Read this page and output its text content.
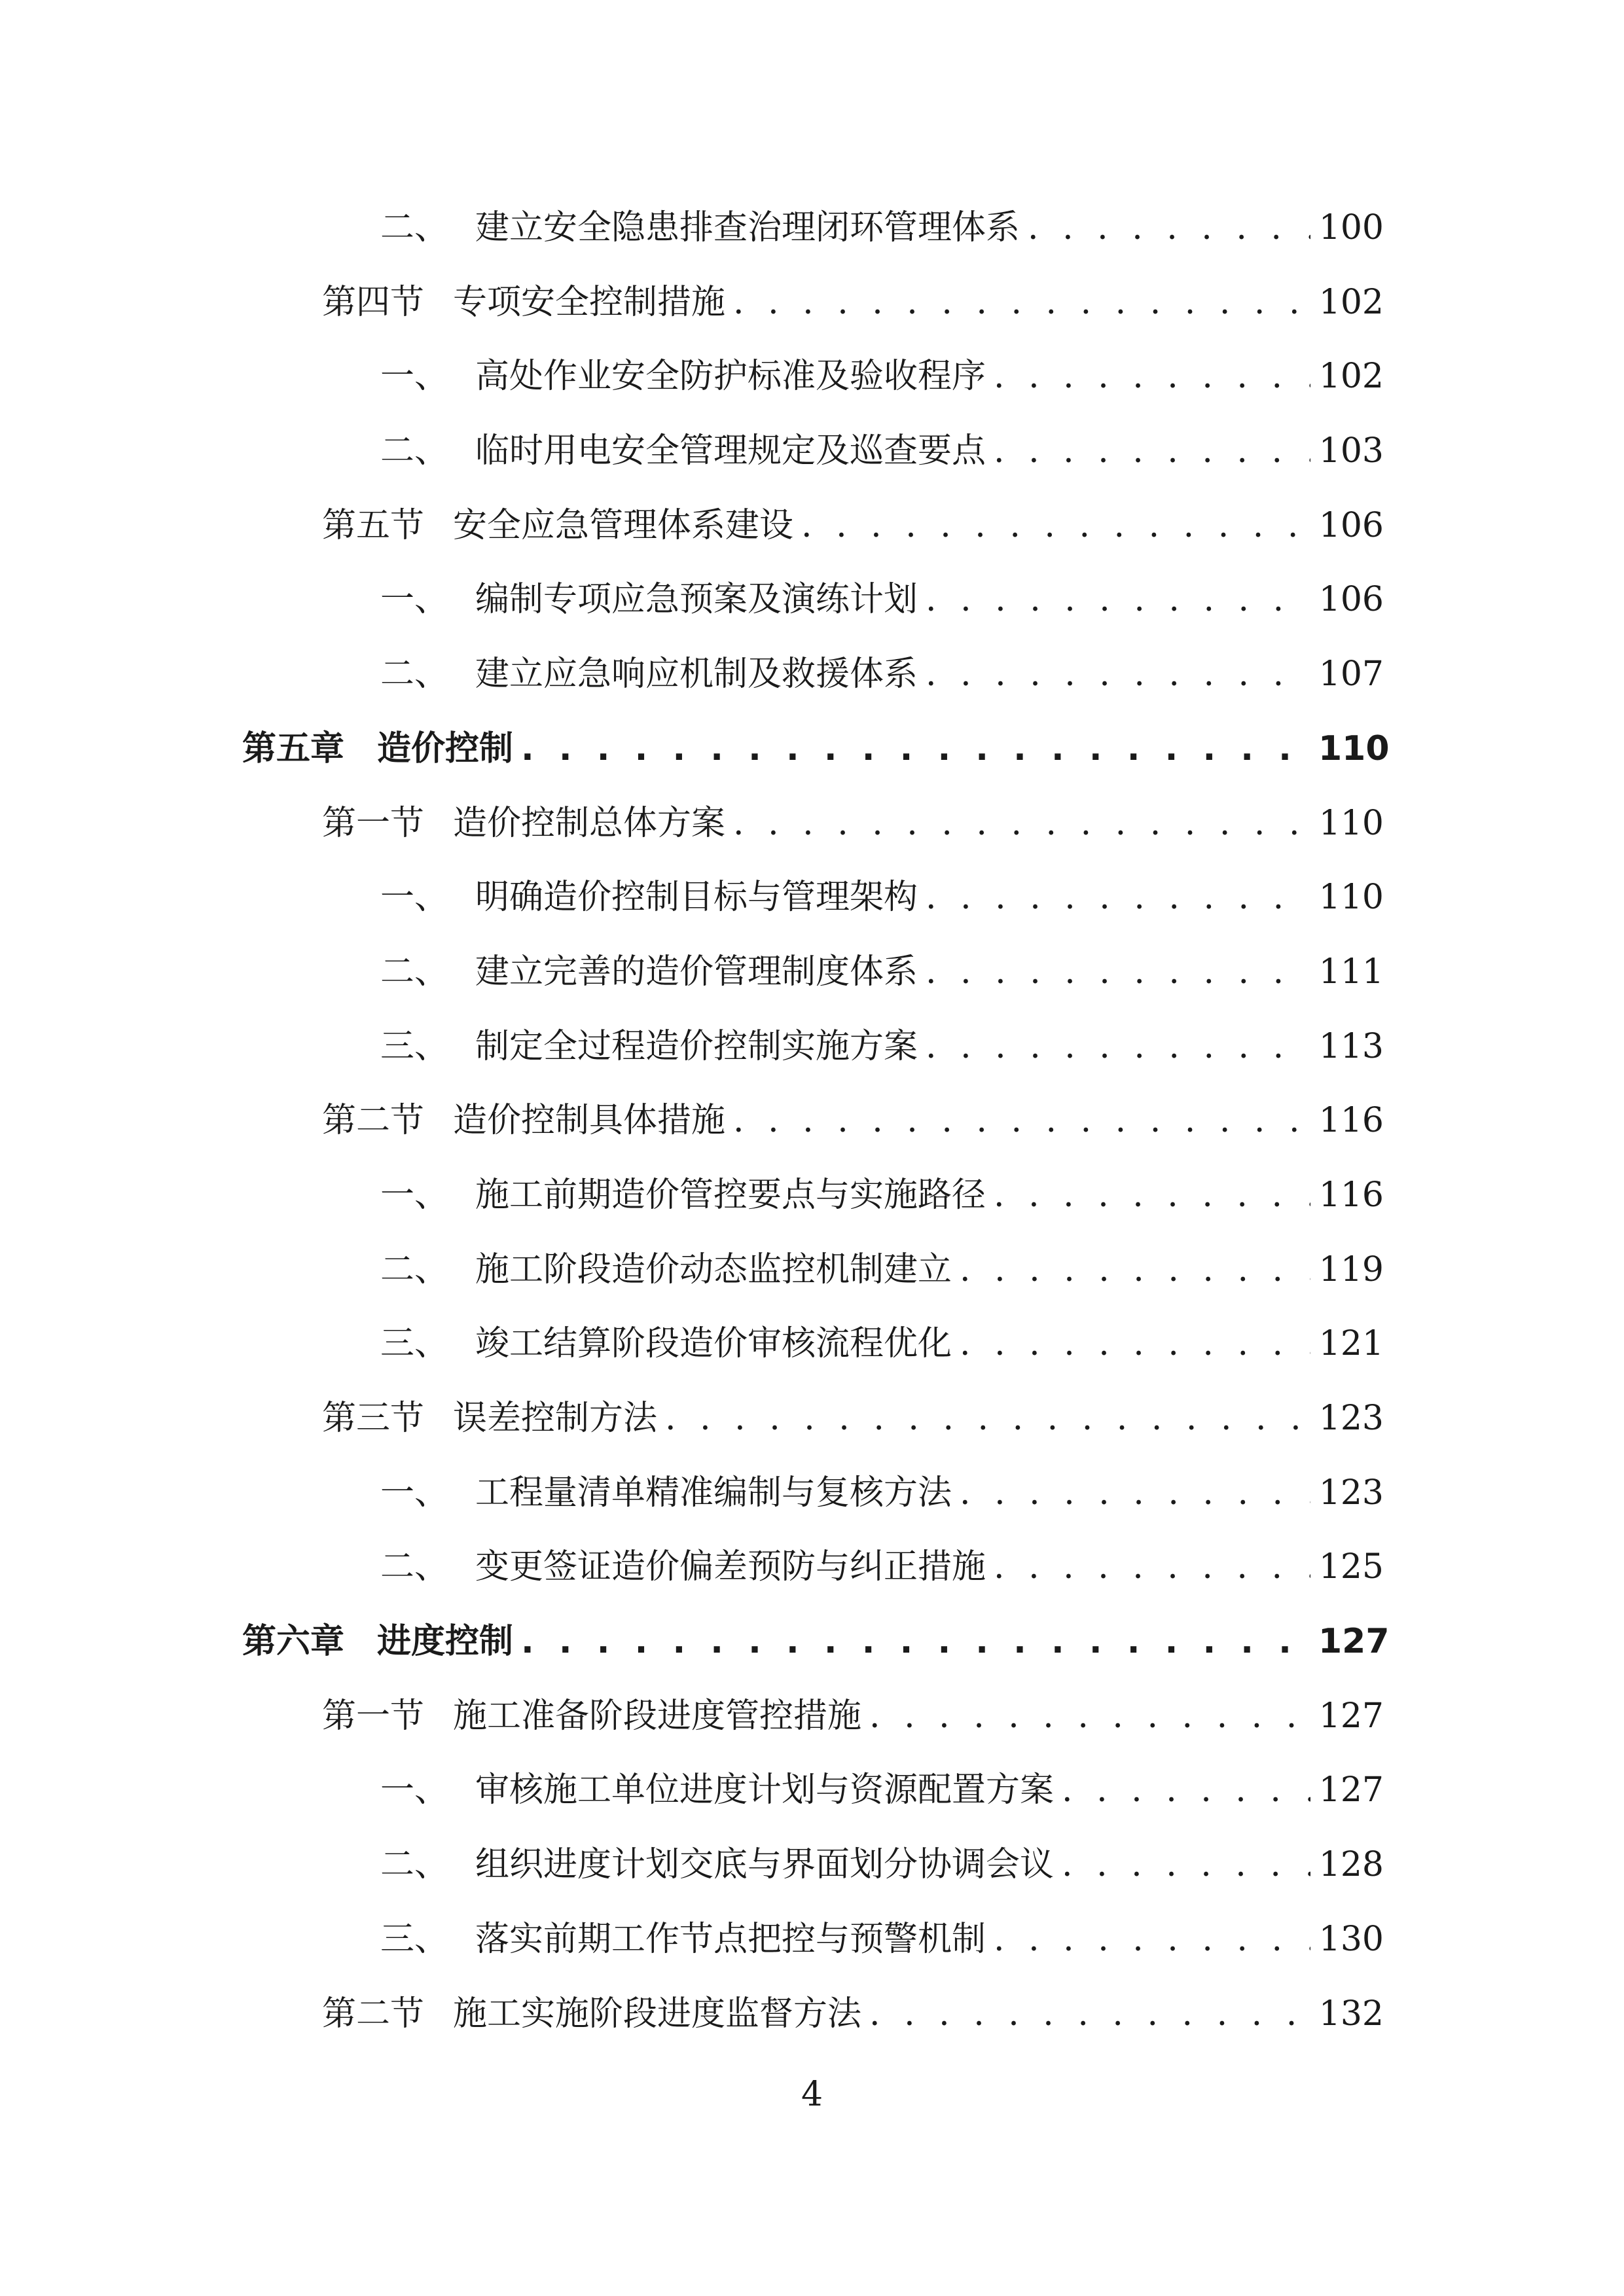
二、 建立安全隐患排查治理闭环管理体系 . . .	100
第四节 专项安全控制措施 . . .	102
一、 高处作业安全防护标准及验收程序 . . .	102
二、 临时用电安全管理规定及巡查要点 . . .	103
第五节 安全应急管理体系建设 . . .	106
一、 编制专项应急预案及演练计划 . . .	106
二、 建立应急响应机制及救援体系 . . .	107
第五章 造价控制 . . .	110
第一节 造价控制总体方案 . . .	110
一、 明确造价控制目标与管理架构 . . .	110
二、 建立完善的造价管理制度体系 . . .	111
三、 制定全过程造价控制实施方案 . . .	113
第二节 造价控制具体措施 . . .	116
一、 施工前期造价管控要点与实施路径 . . .	116
二、 施工阶段造价动态监控机制建立 . . .	119
三、 竣工结算阶段造价审核流程优化 . . .	121
第三节 误差控制方法 . . .	123
一、 工程量清单精准编制与复核方法 . . .	123
二、 变更签证造价偏差预防与纠正措施 . . .	125
第六章 进度控制 . . .	127
第一节 施工准备阶段进度管控措施 . . .	127
一、 审核施工单位进度计划与资源配置方案 . . .	127
二、 组织进度计划交底与界面划分协调会议 . . .	128
三、 落实前期工作节点把控与预警机制 . . .	130
第二节 施工实施阶段进度监督方法 . . .	132
4
